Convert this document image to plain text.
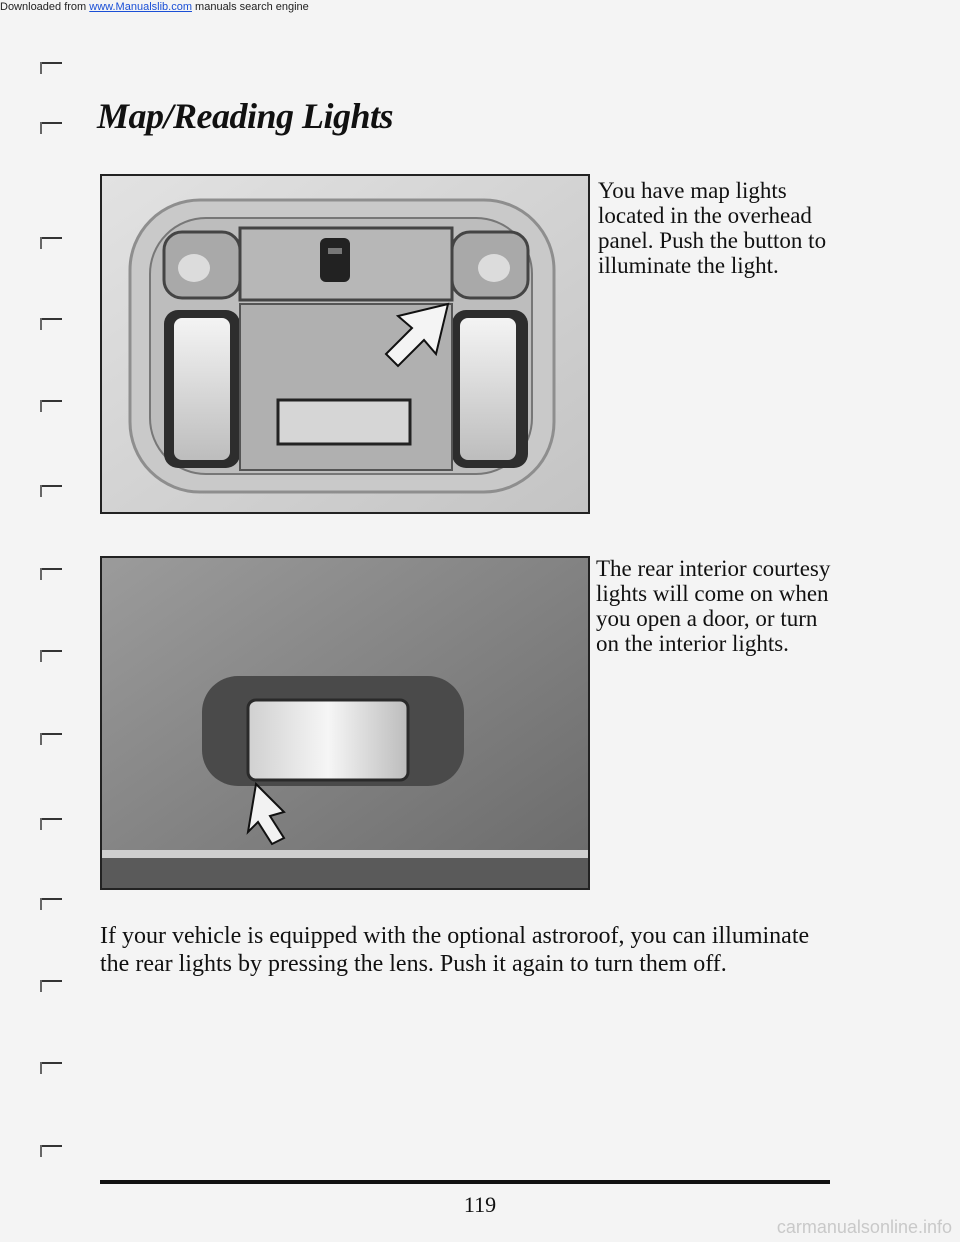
Downloaded from www.Manualslib.com manuals search engine
Map/Reading Lights
You have map lights located in the overhead panel. Push the button to illuminate the light.
The rear interior courtesy lights will come on when you open a door, or turn on the interior lights.
If your vehicle is equipped with the optional astroroof, you can illuminate the rear lights by pressing the lens. Push it again to turn them off.
119
carmanualsonline.info
